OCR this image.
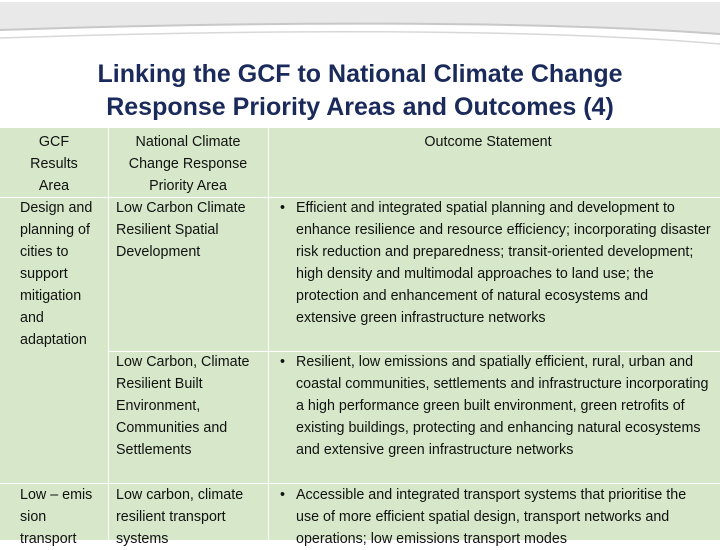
Linking the GCF to National Climate Change
Response Priority Areas and Outcomes (4)
GCF
Results
Area
National Climate
Change Response
Priority Area
Outcome Statement
Design and
planning of
cities to
support
mitigation
and
adaptation
Low Carbon Climate
Resilient Spatial
Development
• Efficient and integrated spatial planning and development to enhance resilience and resource efficiency; incorporating disaster risk reduction and preparedness; transit-oriented development; high density and multimodal approaches to land use; the protection and enhancement of natural ecosystems and extensive green infrastructure networks
Low Carbon, Climate
Resilient Built
Environment,
Communities and
Settlements
• Resilient, low emissions and spatially efficient, rural, urban and coastal communities, settlements and infrastructure incorporating a high performance green built environment, green retrofits of existing buildings, protecting and enhancing natural ecosystems and extensive green infrastructure networks
Low – emis
sion
transport
Low carbon, climate
resilient transport
systems
• Accessible and integrated transport systems that prioritise the use of more efficient spatial design, transport networks and operations; low emissions transport modes
